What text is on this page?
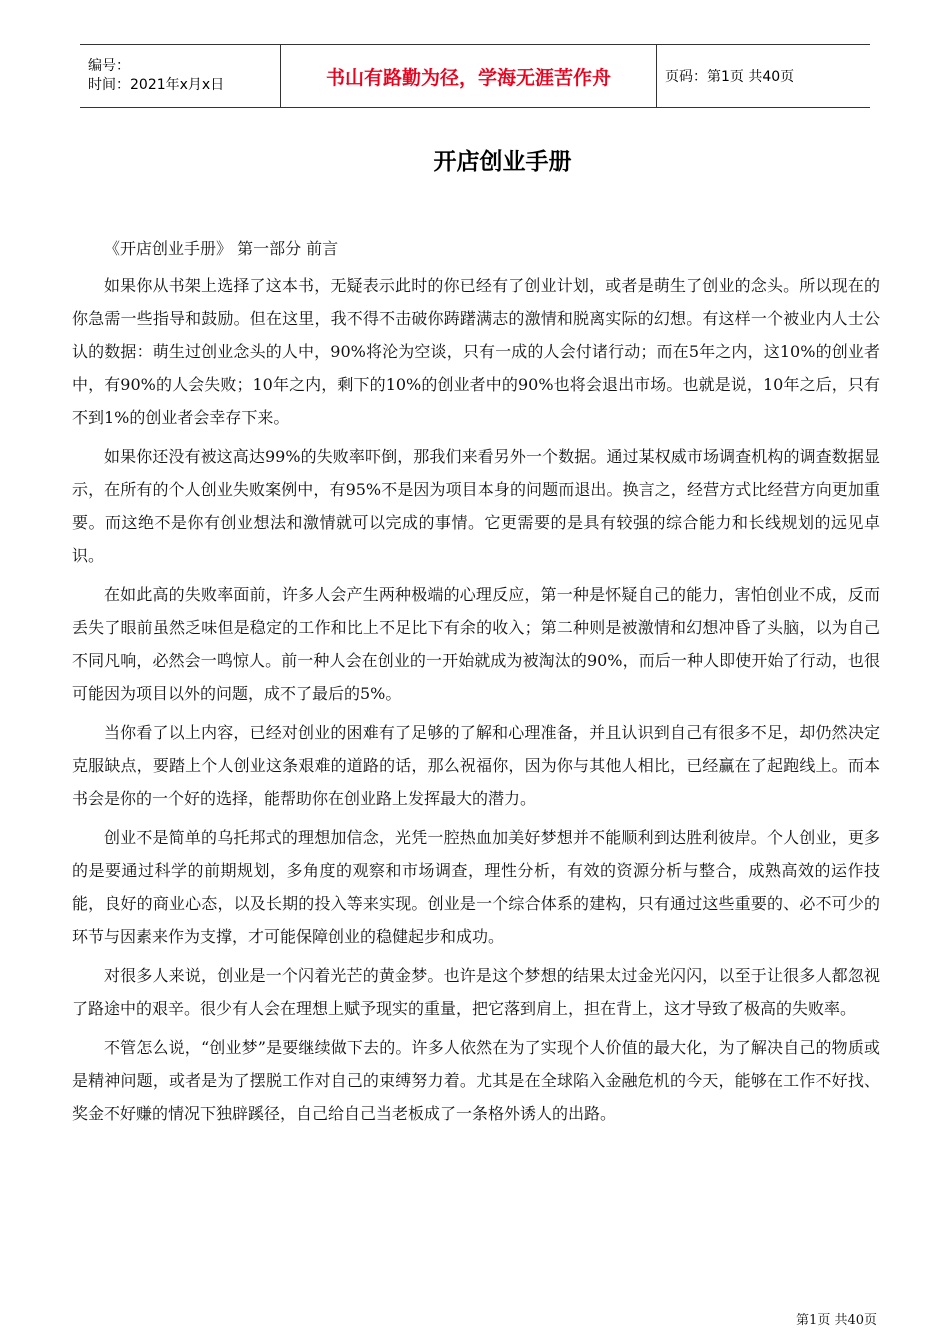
编号：
时间：2021年x月x日	书山有路勤为径，学海无涯苦作舟	页码：第1页 共40页
开店创业手册

《开店创业手册》 第一部分 前言

如果你从书架上选择了这本书，无疑表示此时的你已经有了创业计划，或者是萌生了创业的念头。所以现在的你急需一些指导和鼓励。但在这里，我不得不击破你踌躇满志的激情和脱离实际的幻想。有这样一个被业内人士公认的数据：萌生过创业念头的人中，90%将沦为空谈，只有一成的人会付诸行动；而在5年之内，这10%的创业者中，有90%的人会失败；10年之内，剩下的10%的创业者中的90%也将会退出市场。也就是说，10年之后，只有不到1%的创业者会幸存下来。

如果你还没有被这高达99%的失败率吓倒，那我们来看另外一个数据。通过某权威市场调查机构的调查数据显示，在所有的个人创业失败案例中，有95%不是因为项目本身的问题而退出。换言之，经营方式比经营方向更加重要。而这绝不是你有创业想法和激情就可以完成的事情。它更需要的是具有较强的综合能力和长线规划的远见卓识。

在如此高的失败率面前，许多人会产生两种极端的心理反应，第一种是怀疑自己的能力，害怕创业不成，反而丢失了眼前虽然乏味但是稳定的工作和比上不足比下有余的收入；第二种则是被激情和幻想冲昏了头脑，以为自己不同凡响，必然会一鸣惊人。前一种人会在创业的一开始就成为被淘汰的90%，而后一种人即使开始了行动，也很可能因为项目以外的问题，成不了最后的5%。

当你看了以上内容，已经对创业的困难有了足够的了解和心理准备，并且认识到自己有很多不足，却仍然决定克服缺点，要踏上个人创业这条艰难的道路的话，那么祝福你，因为你与其他人相比，已经赢在了起跑线上。而本书会是你的一个好的选择，能帮助你在创业路上发挥最大的潜力。

创业不是简单的乌托邦式的理想加信念，光凭一腔热血加美好梦想并不能顺利到达胜利彼岸。个人创业，更多的是要通过科学的前期规划，多角度的观察和市场调查，理性分析，有效的资源分析与整合，成熟高效的运作技能，良好的商业心态，以及长期的投入等来实现。创业是一个综合体系的建构，只有通过这些重要的、必不可少的环节与因素来作为支撑，才可能保障创业的稳健起步和成功。

对很多人来说，创业是一个闪着光芒的黄金梦。也许是这个梦想的结果太过金光闪闪，以至于让很多人都忽视了路途中的艰辛。很少有人会在理想上赋予现实的重量，把它落到肩上，担在背上，这才导致了极高的失败率。

不管怎么说，“创业梦”是要继续做下去的。许多人依然在为了实现个人价值的最大化，为了解决自己的物质或是精神问题，或者是为了摆脱工作对自己的束缚努力着。尤其是在全球陷入金融危机的今天，能够在工作不好找、奖金不好赚的情况下独辟蹊径，自己给自己当老板成了一条格外诱人的出路。

第1页 共40页
